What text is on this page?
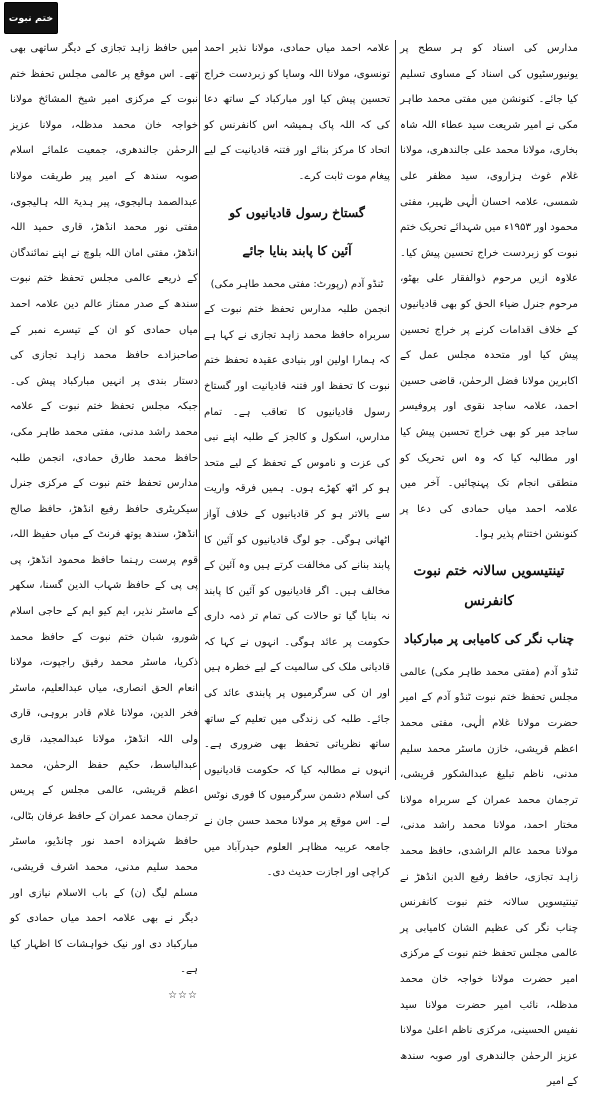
ختم نبوت

مدارس کی اسناد کو ہر سطح پر یونیورسٹیوں کی اسناد کے مساوی تسلیم کیا جائے۔ کنونشن میں مفتی محمد طاہر مکی نے امیر شریعت سید عطاء اللہ شاہ بخاری، مولانا محمد علی جالندھری، مولانا غلام غوث ہزاروی، سید مظفر علی شمسی، علامہ احسان الٰہی ظہیر، مفتی محمود اور ۱۹۵۳ء میں شہدائے تحریک ختم نبوت کو زبردست خراج تحسین پیش کیا۔ علاوہ ازیں مرحوم ذوالفقار علی بھٹو، مرحوم جنرل ضیاء الحق کو بھی قادیانیوں کے خلاف اقدامات کرنے پر خراج تحسین پیش کیا اور متحدہ مجلس عمل کے اکابرین مولانا فضل الرحمٰن، قاضی حسین احمد، علامہ ساجد نقوی اور پروفیسر ساجد میر کو بھی خراج تحسین پیش کیا اور مطالبہ کیا کہ وہ اس تحریک کو منطقی انجام تک پہنچائیں۔ آخر میں علامہ احمد میاں حمادی کی دعا پر کنونشن اختتام پذیر ہوا۔

تینتیسویں سالانہ ختم نبوت کانفرنس
چناب نگر کی کامیابی پر مبارکباد

ٹنڈو آدم (مفتی محمد طاہر مکی) عالمی مجلس تحفظ ختم نبوت ٹنڈو آدم کے امیر حضرت مولانا غلام الٰہی، مفتی محمد اعظم قریشی، خازن ماسٹر محمد سلیم مدنی، ناظم تبلیغ عبدالشکور قریشی، ترجمان محمد عمران کے سربراہ مولانا مختار احمد، مولانا محمد راشد مدنی، مولانا محمد عالم الراشدی، حافظ محمد زاہد تجازی، حافظ رفیع الدین انڈھڑ نے تینتیسویں سالانہ ختم نبوت کانفرنس چناب نگر کی عظیم الشان کامیابی پر عالمی مجلس تحفظ ختم نبوت کے مرکزی امیر حضرت مولانا خواجہ خان محمد مدظلہ، نائب امیر حضرت مولانا سید نفیس الحسینی، مرکزی ناظم اعلیٰ مولانا عزیز الرحمٰن جالندھری اور صوبہ سندھ کے امیر

علامہ احمد میاں حمادی، مولانا نذیر احمد تونسوی، مولانا اللہ وسایا کو زبردست خراج تحسین پیش کیا اور مبارکباد کے ساتھ دعا کی کہ اللہ پاک ہمیشہ اس کانفرنس کو اتحاد کا مرکز بنائے اور فتنہ قادیانیت کے لیے پیغام موت ثابت کرے۔

گستاخ رسول قادیانیوں کو
آئین کا پابند بنایا جائے

ٹنڈو آدم (رپورٹ: مفتی محمد طاہر مکی)

انجمن طلبہ مدارس تحفظ ختم نبوت کے سربراہ حافظ محمد زاہد تجازی نے کہا ہے کہ ہمارا اولین اور بنیادی عقیدہ تحفظ ختم نبوت کا تحفظ اور فتنہ قادیانیت اور گستاخ رسول قادیانیوں کا تعاقب ہے۔ تمام مدارس، اسکول و کالجز کے طلبہ اپنے نبی کی عزت و ناموس کے تحفظ کے لیے متحد ہو کر اٹھ کھڑے ہوں۔ ہمیں فرقہ واریت سے بالاتر ہو کر قادیانیوں کے خلاف آواز اٹھانی ہوگی۔ جو لوگ قادیانیوں کو آئین کا پابند بنانے کی مخالفت کرتے ہیں وہ آئین کے مخالف ہیں۔ اگر قادیانیوں کو آئین کا پابند نہ بنایا گیا تو حالات کی تمام تر ذمہ داری حکومت پر عائد ہوگی۔ انہوں نے کہا کہ قادیانی ملک کی سالمیت کے لیے خطرہ ہیں اور ان کی سرگرمیوں پر پابندی عائد کی جائے۔ طلبہ کی زندگی میں تعلیم کے ساتھ ساتھ نظریاتی تحفظ بھی ضروری ہے۔ انہوں نے مطالبہ کیا کہ حکومت قادیانیوں کی اسلام دشمن سرگرمیوں کا فوری نوٹس لے۔ اس موقع پر مولانا محمد حسن جان نے جامعہ عربیہ مظاہر العلوم حیدرآباد میں کراچی اور اجازت حدیث دی۔

میں حافظ زاہد تجازی کے دیگر ساتھی بھی تھے۔ اس موقع پر عالمی مجلس تحفظ ختم نبوت کے مرکزی امیر شیخ المشائخ مولانا خواجہ خان محمد مدظلہ، مولانا عزیز الرحمٰن جالندھری، جمعیت علمائے اسلام صوبہ سندھ کے امیر پیر طریقت مولانا عبدالصمد ہالیجوی، پیر ہدیۃ اللہ ہالیجوی، مفتی نور محمد انڈھڑ، قاری حمید اللہ انڈھڑ، مفتی امان اللہ بلوچ نے اپنے نمائندگان کے ذریعے عالمی مجلس تحفظ ختم نبوت سندھ کے صدر ممتاز عالم دین علامہ احمد میاں حمادی کو ان کے تیسرے نمبر کے صاحبزادے حافظ محمد زاہد تجازی کی دستار بندی پر انہیں مبارکباد پیش کی۔ جبکہ مجلس تحفظ ختم نبوت کے علامہ محمد راشد مدنی، مفتی محمد طاہر مکی، حافظ محمد طارق حمادی، انجمن طلبہ مدارس تحفظ ختم نبوت کے مرکزی جنرل سیکریٹری حافظ رفیع انڈھڑ، حافظ صالح انڈھڑ، سندھ یوتھ فرنٹ کے میاں حفیظ اللہ، قوم پرست رہنما حافظ محمود انڈھڑ، پی پی پی کے حافظ شہاب الدین گسنا، سکھر کے ماسٹر نذیر، ایم کیو ایم کے حاجی اسلام شورو، شبان ختم نبوت کے حافظ محمد ذکریا، ماسٹر محمد رفیق راجپوت، مولانا انعام الحق انصاری، میاں عبدالعلیم، ماسٹر فخر الدین، مولانا غلام قادر بروہی، قاری ولی اللہ انڈھڑ، مولانا عبدالمجید، قاری عبدالباسط، حکیم حفظ الرحمٰن، محمد اعظم قریشی، عالمی مجلس کے پریس ترجمان محمد عمران کے حافظ عرفان بٹالی، حافظ شہزادہ احمد نور چانڈیو، ماسٹر محمد سلیم مدنی، محمد اشرف قریشی، مسلم لیگ (ن) کے باب الاسلام نیازی اور دیگر نے بھی علامہ احمد میاں حمادی کو مبارکباد دی اور نیک خواہشات کا اظہار کیا ہے۔

☆☆☆
